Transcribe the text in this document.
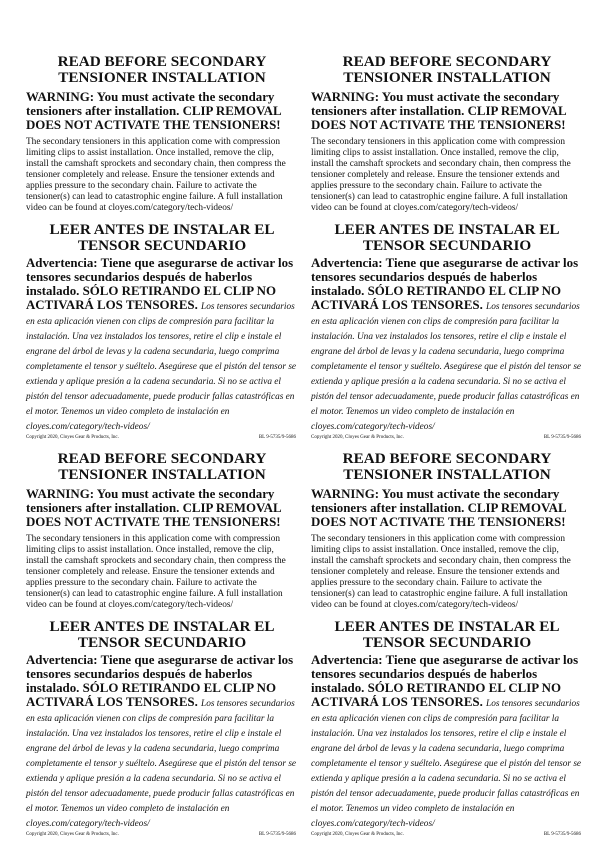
READ BEFORE SECONDARY
TENSIONER INSTALLATION

WARNING: You must activate the secondary tensioners after installation. CLIP REMOVAL DOES NOT ACTIVATE THE TENSIONERS!

The secondary tensioners in this application come with compression limiting clips to assist installation. Once installed, remove the clip, install the camshaft sprockets and secondary chain, then compress the tensioner completely and release. Ensure the tensioner extends and applies pressure to the secondary chain. Failure to activate the tensioner(s) can lead to catastrophic engine failure. A full installation video can be found at cloyes.com/category/tech-videos/

LEER ANTES DE INSTALAR EL
TENSOR SECUNDARIO

Advertencia: Tiene que asegurarse de activar los tensores secundarios después de haberlos instalado. SÓLO RETIRANDO EL CLIP NO ACTIVARÁ LOS TENSORES. Los tensores secundarios en esta aplicación vienen con clips de compresión para facilitar la instalación. Una vez instalados los tensores, retire el clip e instale el engrane del árbol de levas y la cadena secundaria, luego comprima completamente el tensor y suéltelo. Asegúrese que el pistón del tensor se extienda y aplique presión a la cadena secundaria. Si no se activa el pistón del tensor adecuadamente, puede producir fallas catastróficas en el motor. Tenemos un video completo de instalación en cloyes.com/category/tech-videos/

Copyright 2020, Cloyes Gear & Products, Inc.	BL 9-5735/9-5686

READ BEFORE SECONDARY
TENSIONER INSTALLATION

WARNING: You must activate the secondary tensioners after installation. CLIP REMOVAL DOES NOT ACTIVATE THE TENSIONERS!

The secondary tensioners in this application come with compression limiting clips to assist installation. Once installed, remove the clip, install the camshaft sprockets and secondary chain, then compress the tensioner completely and release. Ensure the tensioner extends and applies pressure to the secondary chain. Failure to activate the tensioner(s) can lead to catastrophic engine failure. A full installation video can be found at cloyes.com/category/tech-videos/

LEER ANTES DE INSTALAR EL
TENSOR SECUNDARIO

Advertencia: Tiene que asegurarse de activar los tensores secundarios después de haberlos instalado. SÓLO RETIRANDO EL CLIP NO ACTIVARÁ LOS TENSORES. Los tensores secundarios en esta aplicación vienen con clips de compresión para facilitar la instalación. Una vez instalados los tensores, retire el clip e instale el engrane del árbol de levas y la cadena secundaria, luego comprima completamente el tensor y suéltelo. Asegúrese que el pistón del tensor se extienda y aplique presión a la cadena secundaria. Si no se activa el pistón del tensor adecuadamente, puede producir fallas catastróficas en el motor. Tenemos un video completo de instalación en cloyes.com/category/tech-videos/

Copyright 2020, Cloyes Gear & Products, Inc.	BL 9-5735/9-5686

READ BEFORE SECONDARY
TENSIONER INSTALLATION

WARNING: You must activate the secondary tensioners after installation. CLIP REMOVAL DOES NOT ACTIVATE THE TENSIONERS!

The secondary tensioners in this application come with compression limiting clips to assist installation. Once installed, remove the clip, install the camshaft sprockets and secondary chain, then compress the tensioner completely and release. Ensure the tensioner extends and applies pressure to the secondary chain. Failure to activate the tensioner(s) can lead to catastrophic engine failure. A full installation video can be found at cloyes.com/category/tech-videos/

LEER ANTES DE INSTALAR EL
TENSOR SECUNDARIO

Advertencia: Tiene que asegurarse de activar los tensores secundarios después de haberlos instalado. SÓLO RETIRANDO EL CLIP NO ACTIVARÁ LOS TENSORES. Los tensores secundarios en esta aplicación vienen con clips de compresión para facilitar la instalación. Una vez instalados los tensores, retire el clip e instale el engrane del árbol de levas y la cadena secundaria, luego comprima completamente el tensor y suéltelo. Asegúrese que el pistón del tensor se extienda y aplique presión a la cadena secundaria. Si no se activa el pistón del tensor adecuadamente, puede producir fallas catastróficas en el motor. Tenemos un video completo de instalación en cloyes.com/category/tech-videos/

Copyright 2020, Cloyes Gear & Products, Inc.	BL 9-5735/9-5686

READ BEFORE SECONDARY
TENSIONER INSTALLATION

WARNING: You must activate the secondary tensioners after installation. CLIP REMOVAL DOES NOT ACTIVATE THE TENSIONERS!

The secondary tensioners in this application come with compression limiting clips to assist installation. Once installed, remove the clip, install the camshaft sprockets and secondary chain, then compress the tensioner completely and release. Ensure the tensioner extends and applies pressure to the secondary chain. Failure to activate the tensioner(s) can lead to catastrophic engine failure. A full installation video can be found at cloyes.com/category/tech-videos/

LEER ANTES DE INSTALAR EL
TENSOR SECUNDARIO

Advertencia: Tiene que asegurarse de activar los tensores secundarios después de haberlos instalado. SÓLO RETIRANDO EL CLIP NO ACTIVARÁ LOS TENSORES. Los tensores secundarios en esta aplicación vienen con clips de compresión para facilitar la instalación. Una vez instalados los tensores, retire el clip e instale el engrane del árbol de levas y la cadena secundaria, luego comprima completamente el tensor y suéltelo. Asegúrese que el pistón del tensor se extienda y aplique presión a la cadena secundaria. Si no se activa el pistón del tensor adecuadamente, puede producir fallas catastróficas en el motor. Tenemos un video completo de instalación en cloyes.com/category/tech-videos/

Copyright 2020, Cloyes Gear & Products, Inc.	BL 9-5735/9-5686
